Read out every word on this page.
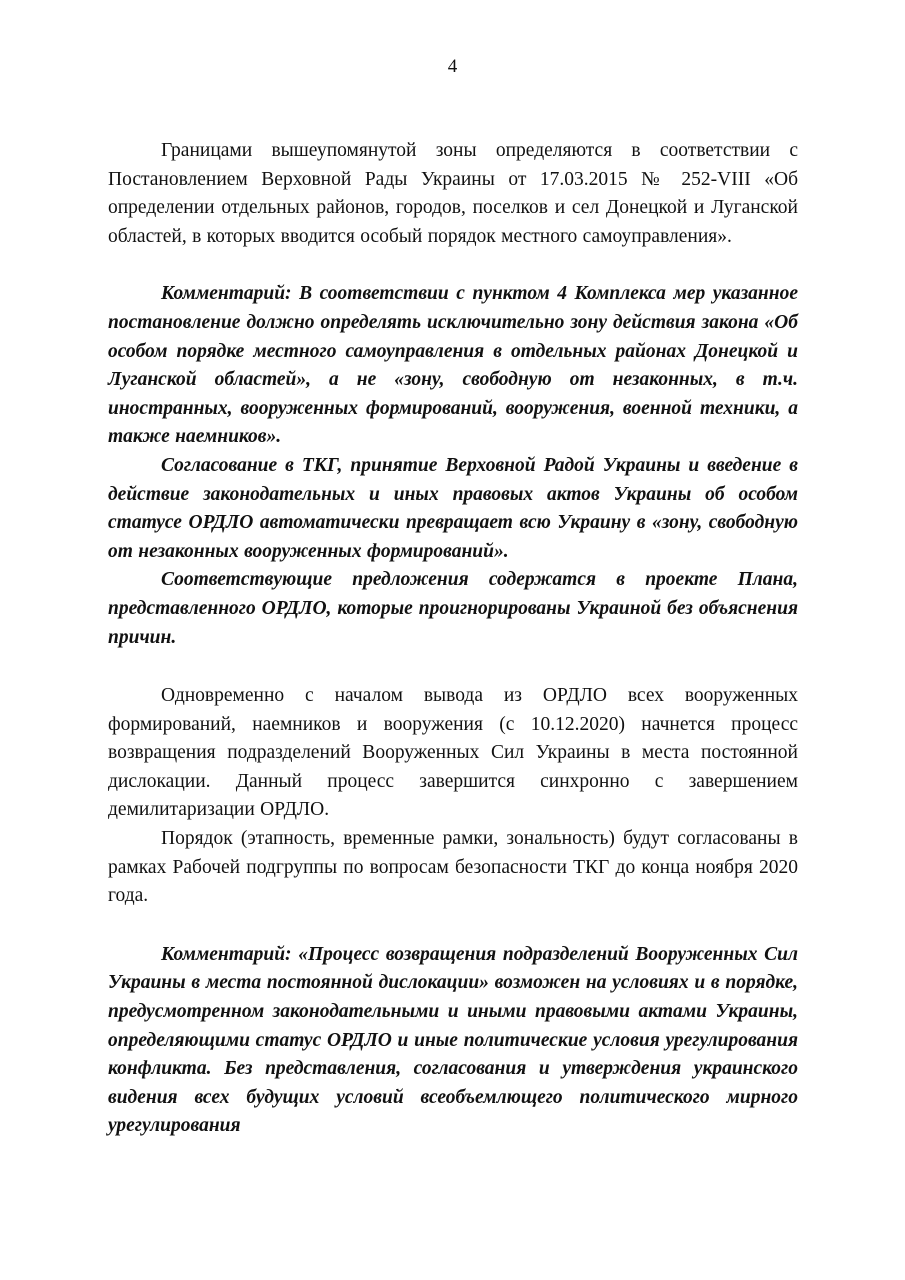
4

Границами вышеупомянутой зоны определяются в соответствии с Постановлением Верховной Рады Украины от 17.03.2015 № 252-VIII «Об определении отдельных районов, городов, поселков и сел Донецкой и Луганской областей, в которых вводится особый порядок местного самоуправления».

Комментарий: В соответствии с пунктом 4 Комплекса мер указанное постановление должно определять исключительно зону действия закона «Об особом порядке местного самоуправления в отдельных районах Донецкой и Луганской областей», а не «зону, свободную от незаконных, в т.ч. иностранных, вооруженных формирований, вооружения, военной техники, а также наемников».

Согласование в ТКГ, принятие Верховной Радой Украины и введение в действие законодательных и иных правовых актов Украины об особом статусе ОРДЛО автоматически превращает всю Украину в «зону, свободную от незаконных вооруженных формирований».

Соответствующие предложения содержатся в проекте Плана, представленного ОРДЛО, которые проигнорированы Украиной без объяснения причин.

Одновременно с началом вывода из ОРДЛО всех вооруженных формирований, наемников и вооружения (с 10.12.2020) начнется процесс возвращения подразделений Вооруженных Сил Украины в места постоянной дислокации. Данный процесс завершится синхронно с завершением демилитаризации ОРДЛО.

Порядок (этапность, временные рамки, зональность) будут согласованы в рамках Рабочей подгруппы по вопросам безопасности ТКГ до конца ноября 2020 года.

Комментарий: «Процесс возвращения подразделений Вооруженных Сил Украины в места постоянной дислокации» возможен на условиях и в порядке, предусмотренном законодательными и иными правовыми актами Украины, определяющими статус ОРДЛО и иные политические условия урегулирования конфликта. Без представления, согласования и утверждения украинского видения всех будущих условий всеобъемлющего политического мирного урегулирования
